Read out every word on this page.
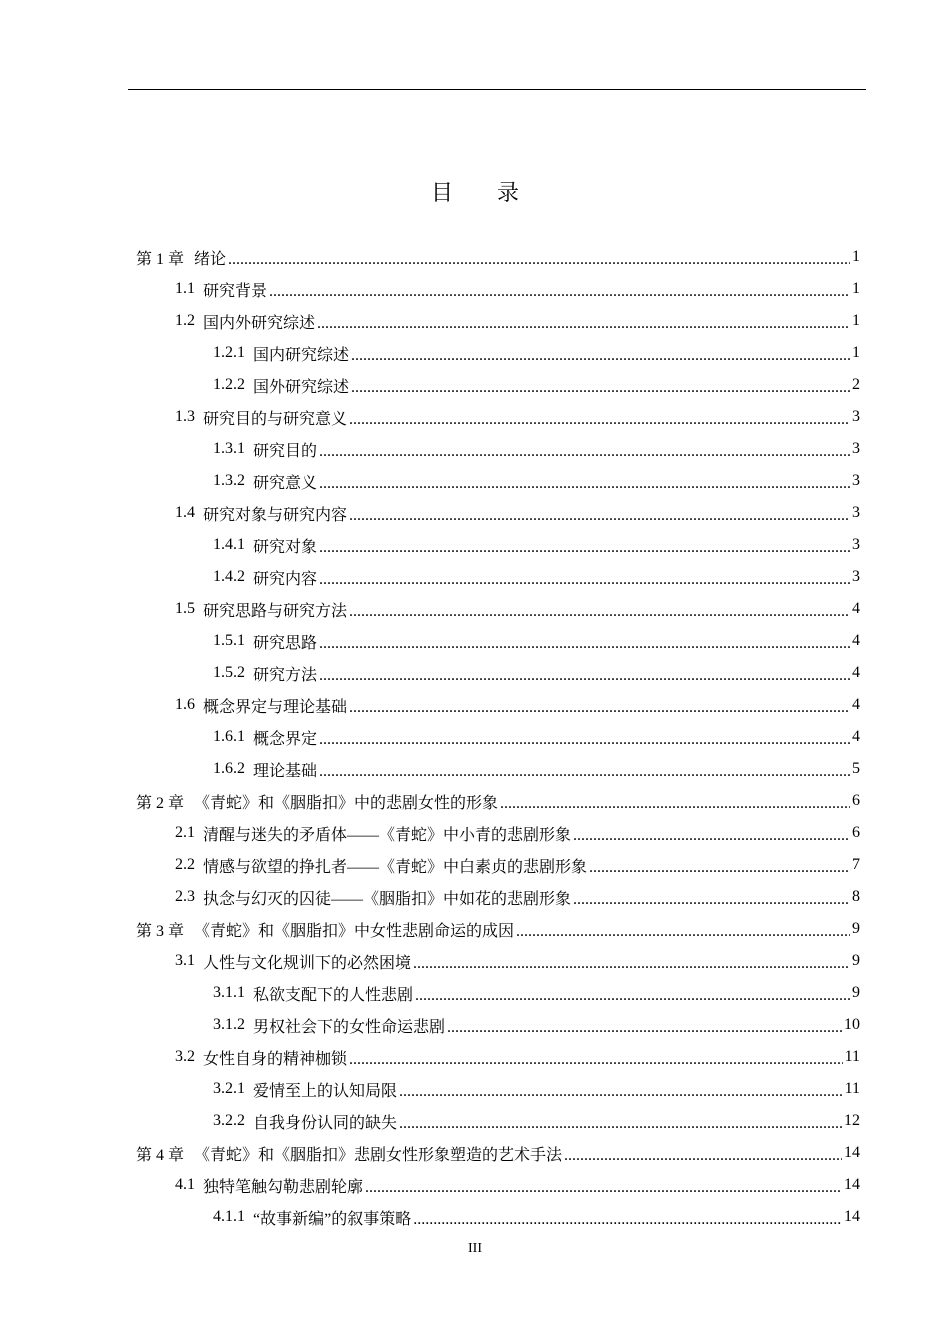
目 录
第 1 章 绪论 .....	1
1.1 研究背景 .....	1
1.2 国内外研究综述 .....	1
1.2.1 国内研究综述 .....	1
1.2.2 国外研究综述 .....	2
1.3 研究目的与研究意义 .....	3
1.3.1 研究目的 .....	3
1.3.2 研究意义 .....	3
1.4 研究对象与研究内容 .....	3
1.4.1 研究对象 .....	3
1.4.2 研究内容 .....	3
1.5 研究思路与研究方法 .....	4
1.5.1 研究思路 .....	4
1.5.2 研究方法 .....	4
1.6 概念界定与理论基础 .....	4
1.6.1 概念界定 .....	4
1.6.2 理论基础 .....	5
第 2 章 《青蛇》和《胭脂扣》中的悲剧女性的形象 .....	6
2.1 清醒与迷失的矛盾体——《青蛇》中小青的悲剧形象 .....	6
2.2 情感与欲望的挣扎者——《青蛇》中白素贞的悲剧形象 .....	7
2.3 执念与幻灭的囚徒——《胭脂扣》中如花的悲剧形象 .....	8
第 3 章 《青蛇》和《胭脂扣》中女性悲剧命运的成因 .....	9
3.1 人性与文化规训下的必然困境 .....	9
3.1.1 私欲支配下的人性悲剧 .....	9
3.1.2 男权社会下的女性命运悲剧 .....	10
3.2 女性自身的精神枷锁 .....	11
3.2.1 爱情至上的认知局限 .....	11
3.2.2 自我身份认同的缺失 .....	12
第 4 章 《青蛇》和《胭脂扣》悲剧女性形象塑造的艺术手法 .....	14
4.1 独特笔触勾勒悲剧轮廓 .....	14
4.1.1 “故事新编”的叙事策略 .....	14
III
